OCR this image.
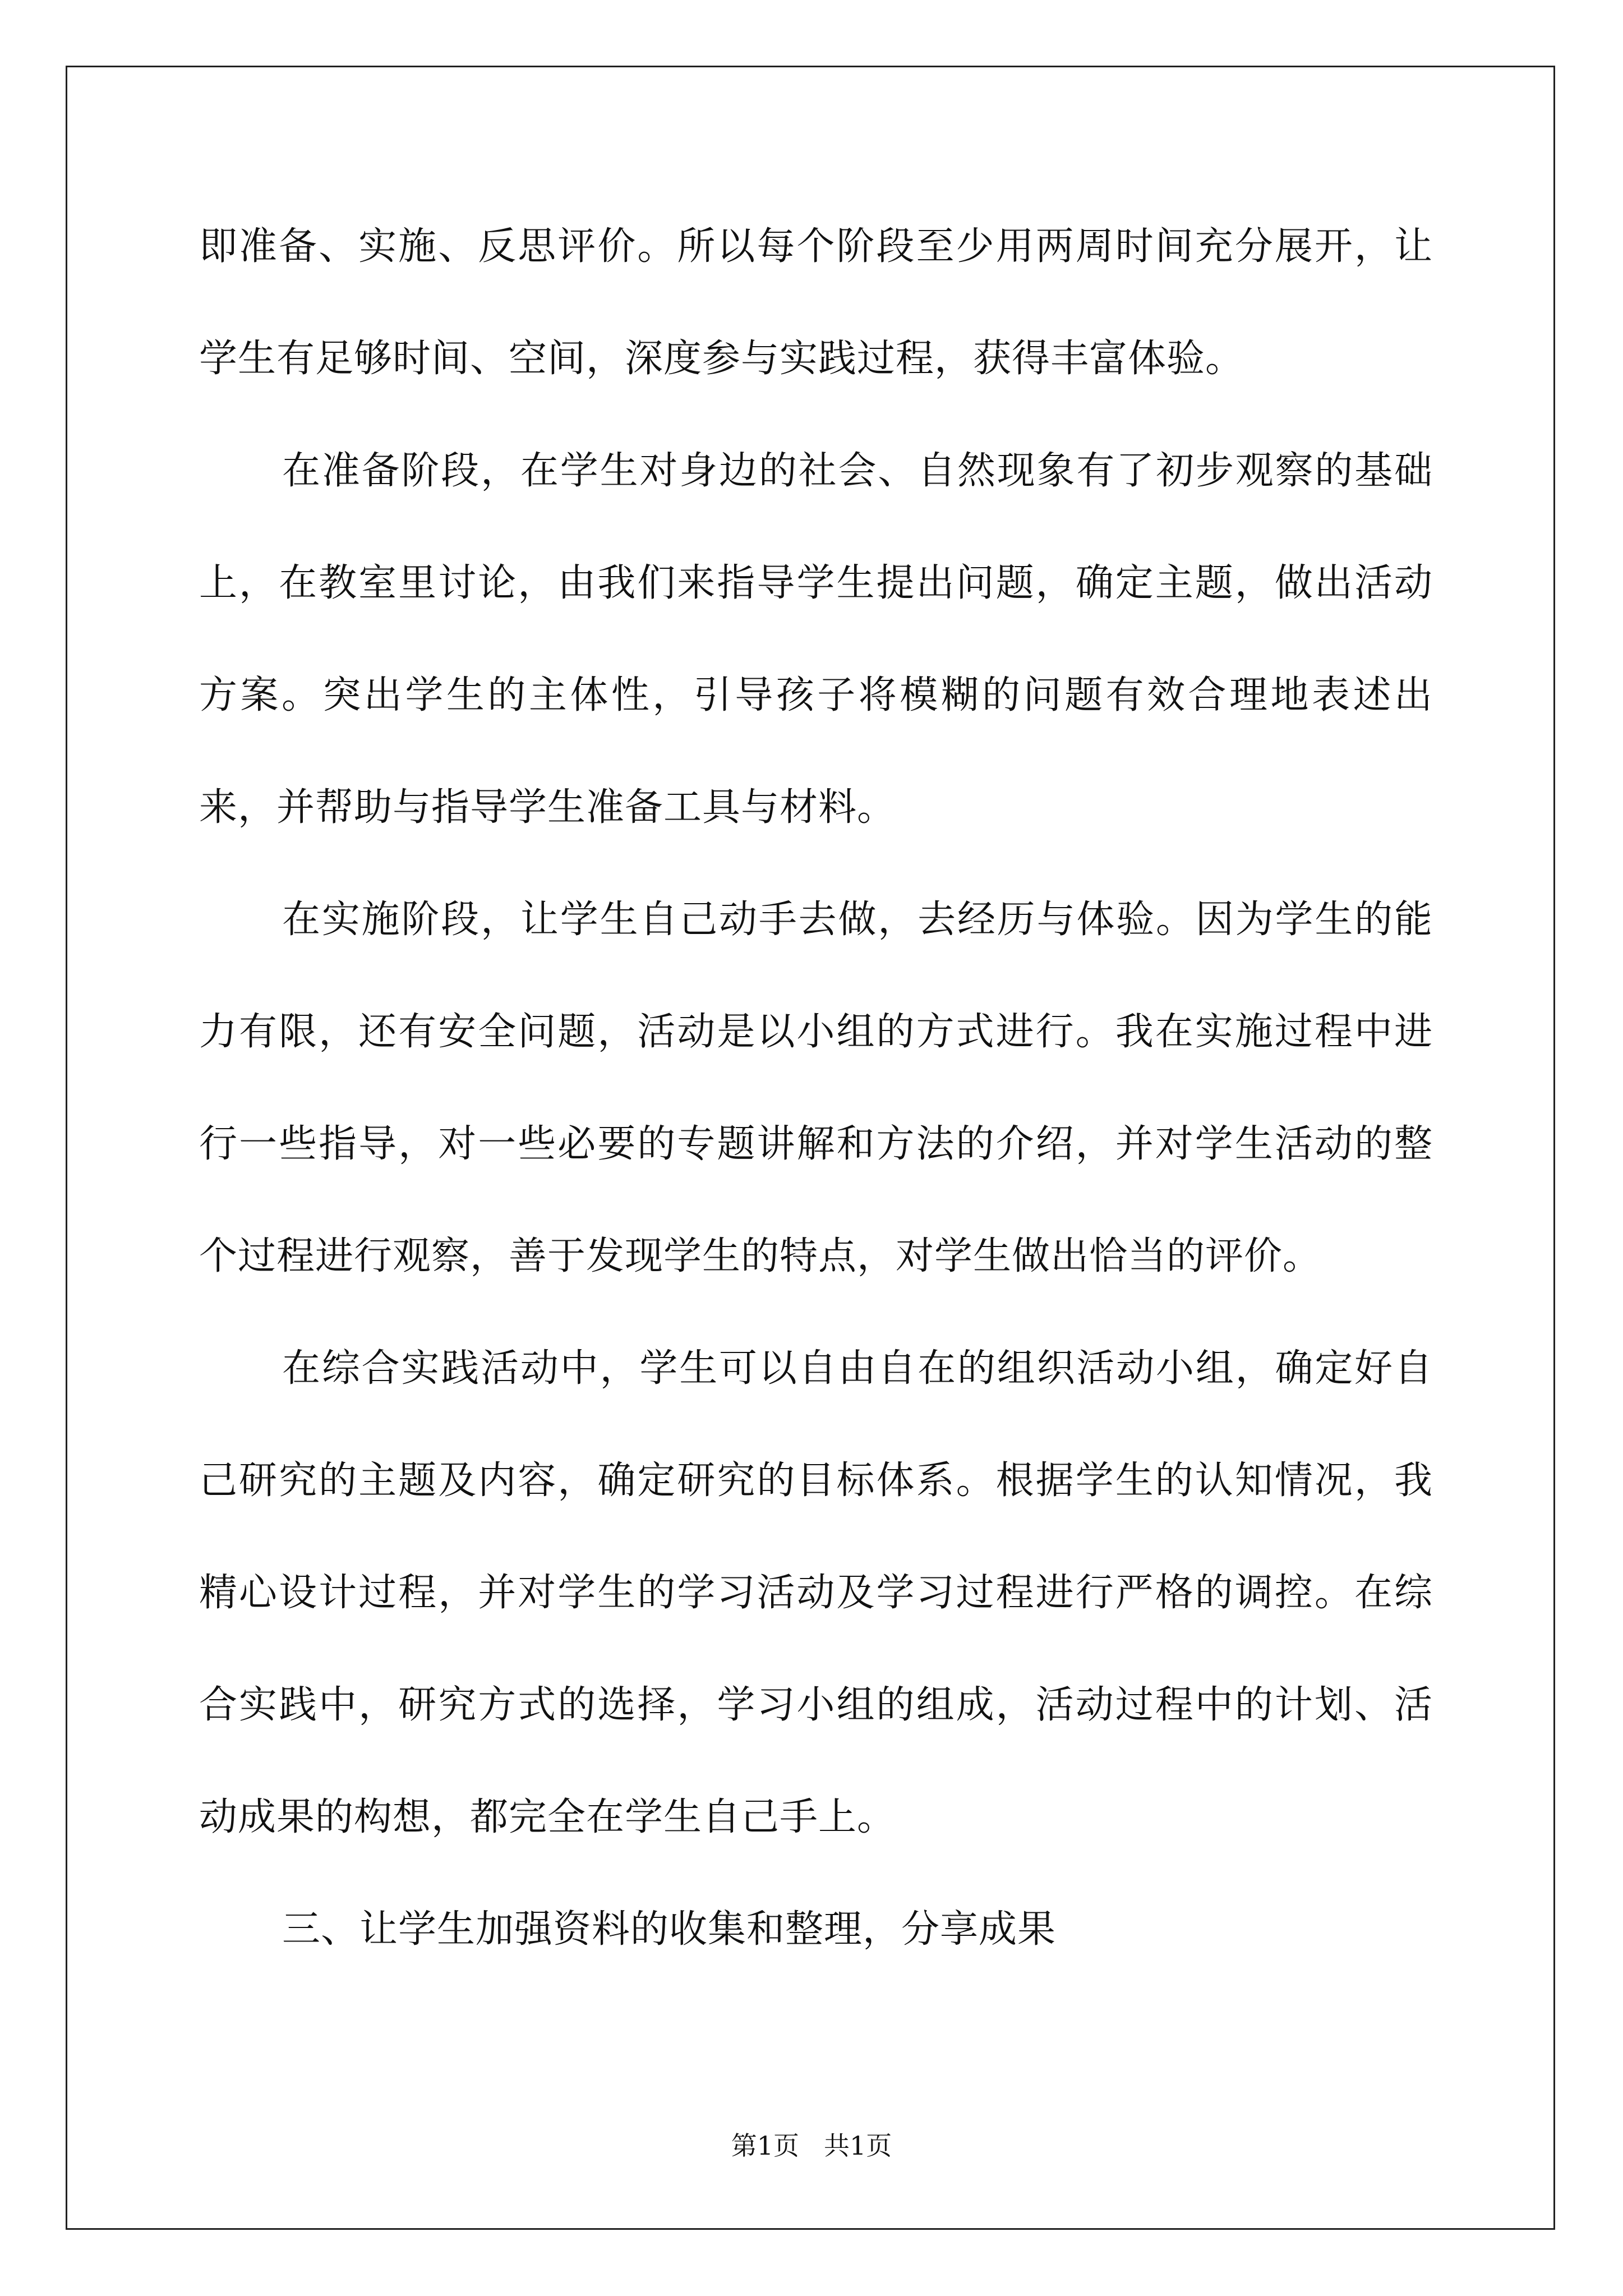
即准备、实施、反思评价。所以每个阶段至少用两周时间充分展开，让学生有足够时间、空间，深度参与实践过程，获得丰富体验。

在准备阶段，在学生对身边的社会、自然现象有了初步观察的基础上，在教室里讨论，由我们来指导学生提出问题，确定主题，做出活动方案。突出学生的主体性，引导孩子将模糊的问题有效合理地表述出来，并帮助与指导学生准备工具与材料。

在实施阶段，让学生自己动手去做，去经历与体验。因为学生的能力有限，还有安全问题，活动是以小组的方式进行。我在实施过程中进行一些指导，对一些必要的专题讲解和方法的介绍，并对学生活动的整个过程进行观察，善于发现学生的特点，对学生做出恰当的评价。

在综合实践活动中，学生可以自由自在的组织活动小组，确定好自己研究的主题及内容，确定研究的目标体系。根据学生的认知情况，我精心设计过程，并对学生的学习活动及学习过程进行严格的调控。在综合实践中，研究方式的选择，学习小组的组成，活动过程中的计划、活动成果的构想，都完全在学生自己手上。

三、让学生加强资料的收集和整理，分享成果

第1页 共1页
